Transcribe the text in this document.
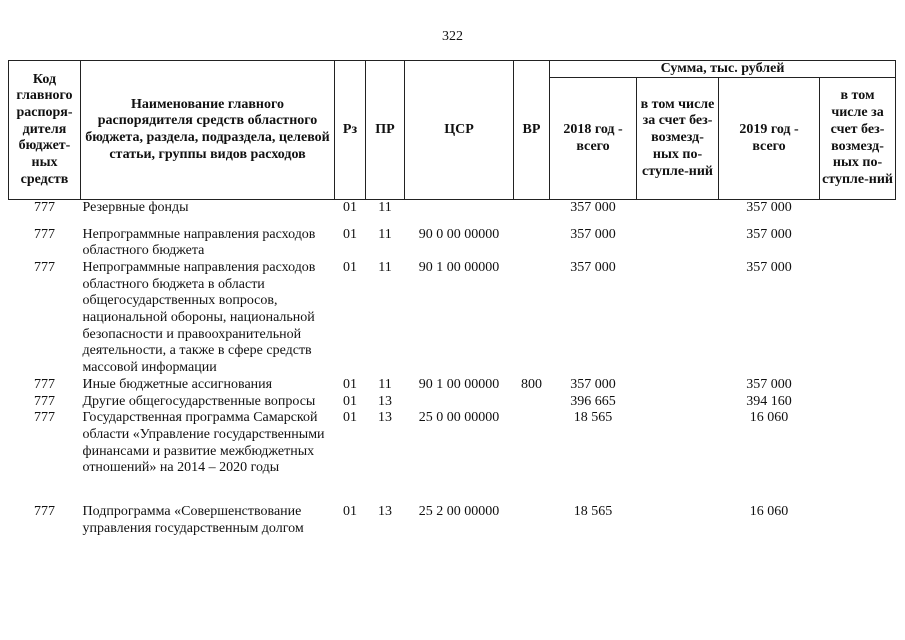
322
Код главного распоря-дителя бюджет-ных средств	Наименование главного распорядителя средств областного бюджета, раздела, подраздела, целевой статьи, группы видов расходов	Рз	ПР	ЦСР	ВР	Сумма, тыс. рублей			
						2018 год - всего	в том числе за счет без-возмезд-ных по-ступле-ний	2019 год - всего	в том числе за счет без-возмезд-ных по-ступле-ний
777	Резервные фонды	01	11			357 000		357 000	
777	Непрограммные направления расходов областного бюджета	01	11	90 0 00 00000		357 000		357 000	
777	Непрограммные направления расходов областного бюджета в области общегосударственных вопросов, национальной обороны, национальной безопасности и правоохранительной деятельности, а также в сфере средств массовой информации	01	11	90 1 00 00000		357 000		357 000	
777	Иные бюджетные ассигнования	01	11	90 1 00 00000	800	357 000		357 000	
777	Другие общегосударственные вопросы	01	13			396 665		394 160	
777	Государственная программа Самарской области «Управление государственными финансами и развитие межбюджетных отношений» на 2014 – 2020 годы	01	13	25 0 00 00000		18 565		16 060	
777	Подпрограмма «Совершенствование управления государственным долгом	01	13	25 2 00 00000		18 565		16 060	
